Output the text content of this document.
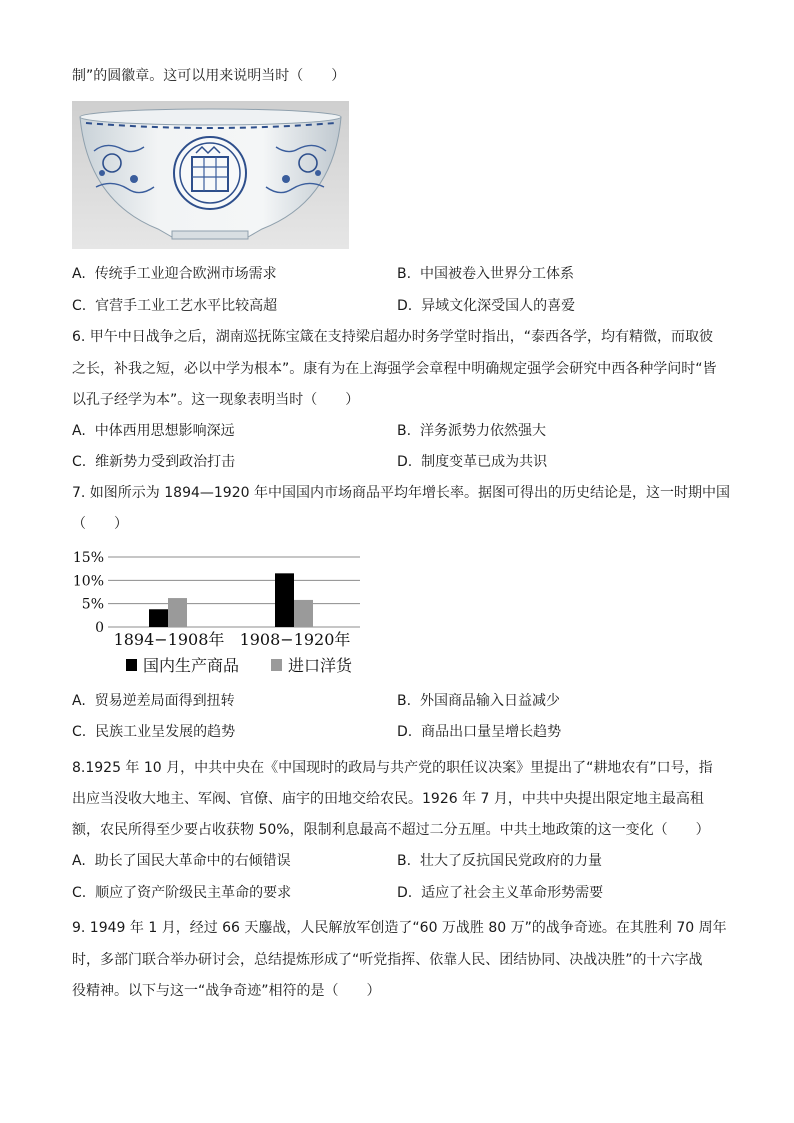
制”的圆徽章。这可以用来说明当时（　　）
A. 传统手工业迎合欧洲市场需求	B. 中国被卷入世界分工体系
C. 官营手工业工艺水平比较高超	D. 异域文化深受国人的喜爱
6. 甲午中日战争之后，湖南巡抚陈宝箴在支持梁启超办时务学堂时指出，“泰西各学，均有精微，而取彼
之长，补我之短，必以中学为根本”。康有为在上海强学会章程中明确规定强学会研究中西各种学问时“皆
以孔子经学为本”。这一现象表明当时（　　）
A. 中体西用思想影响深远	B. 洋务派势力依然强大
C. 维新势力受到政治打击	D. 制度变革已成为共识
7. 如图所示为 1894—1920 年中国国内市场商品平均年增长率。据图可得出的历史结论是，这一时期中国
（　　）
0
5%
10%
15%
1894−1908年 1908−1920年
国内生产商品	进口洋货
A. 贸易逆差局面得到扭转	B. 外国商品输入日益减少
C. 民族工业呈发展的趋势	D. 商品出口量呈增长趋势
8.1925 年 10 月，中共中央在《中国现时的政局与共产党的职任议决案》里提出了“耕地农有”口号，指
出应当没收大地主、军阀、官僚、庙宇的田地交给农民。1926 年 7 月，中共中央提出限定地主最高租
额，农民所得至少要占收获物 50%，限制利息最高不超过二分五厘。中共土地政策的这一变化（　　）
A. 助长了国民大革命中的右倾错误	B. 壮大了反抗国民党政府的力量
C. 顺应了资产阶级民主革命的要求	D. 适应了社会主义革命形势需要
9. 1949 年 1 月，经过 66 天鏖战，人民解放军创造了“60 万战胜 80 万”的战争奇迹。在其胜利 70 周年
时，多部门联合举办研讨会，总结提炼形成了“听党指挥、依靠人民、团结协同、决战决胜”的十六字战
役精神。以下与这一“战争奇迹”相符的是（　　）
